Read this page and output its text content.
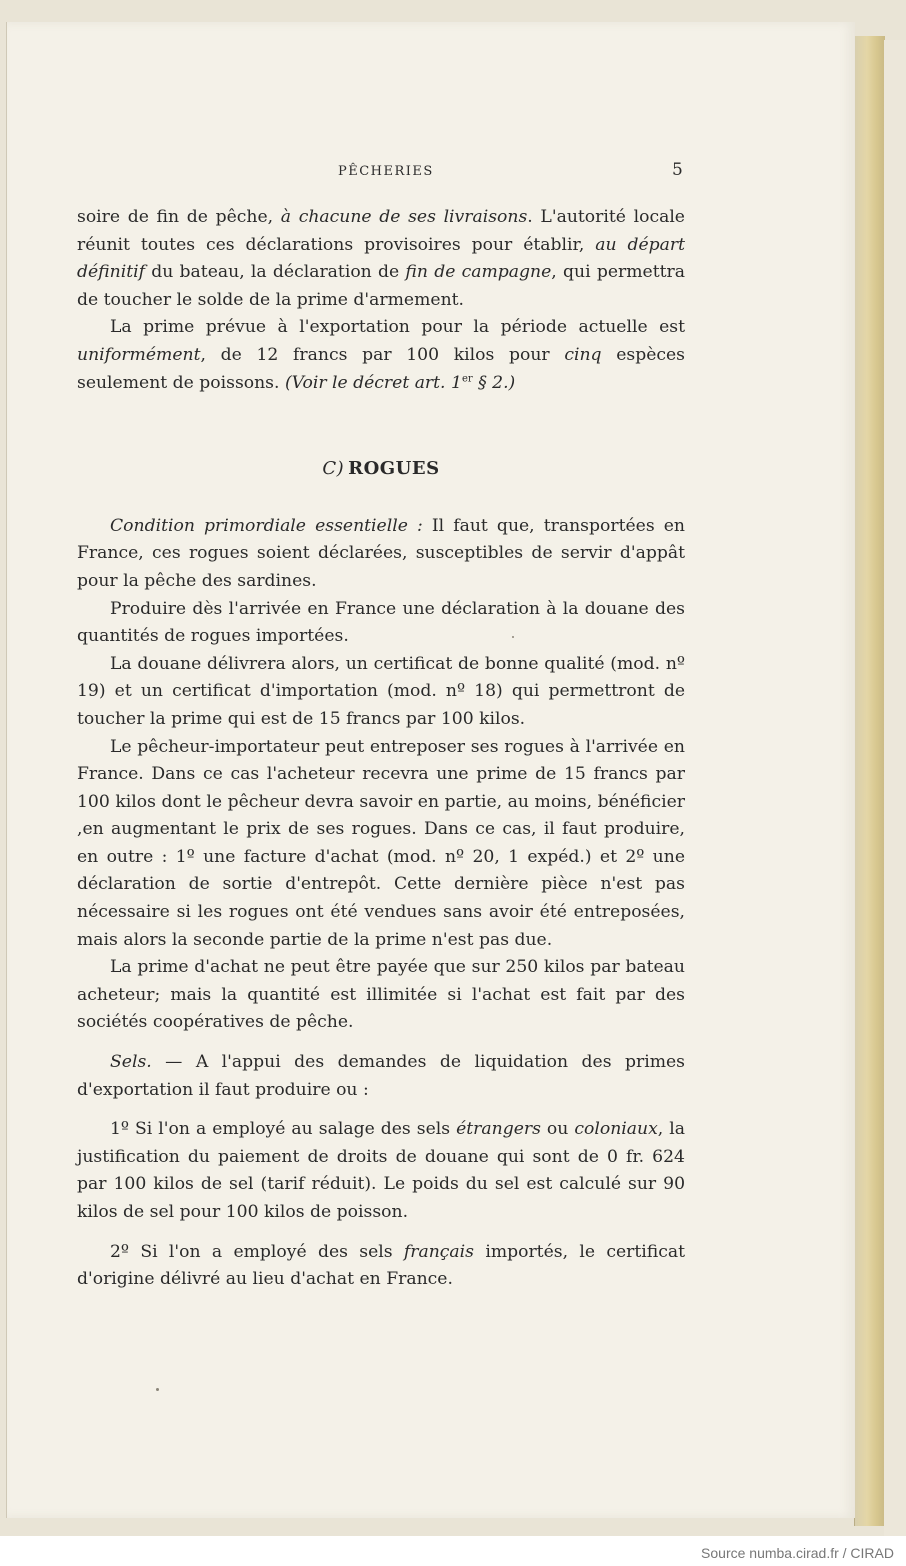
PÊCHERIES	5

soire de fin de pêche, à chacune de ses livraisons. L'autorité locale réunit toutes ces déclarations provisoires pour établir, au départ définitif du bateau, la déclaration de fin de campagne, qui permettra de toucher le solde de la prime d'armement.

La prime prévue à l'exportation pour la période actuelle est uniformément, de 12 francs par 100 kilos pour cinq espèces seulement de poissons. (Voir le décret art. 1er § 2.)

C) ROGUES

Condition primordiale essentielle : Il faut que, transportées en France, ces rogues soient déclarées, susceptibles de servir d'appât pour la pêche des sardines.

Produire dès l'arrivée en France une déclaration à la douane des quantités de rogues importées.

La douane délivrera alors, un certificat de bonne qualité (mod. nº 19) et un certificat d'importation (mod. nº 18) qui permettront de toucher la prime qui est de 15 francs par 100 kilos.

Le pêcheur-importateur peut entreposer ses rogues à l'arrivée en France. Dans ce cas l'acheteur recevra une prime de 15 francs par 100 kilos dont le pêcheur devra savoir en partie, au moins, bénéficier ,en augmentant le prix de ses rogues. Dans ce cas, il faut produire, en outre : 1º une facture d'achat (mod. nº 20, 1 expéd.) et 2º une déclaration de sortie d'entrepôt. Cette dernière pièce n'est pas nécessaire si les rogues ont été vendues sans avoir été entreposées, mais alors la seconde partie de la prime n'est pas due.

La prime d'achat ne peut être payée que sur 250 kilos par bateau acheteur; mais la quantité est illimitée si l'achat est fait par des sociétés coopératives de pêche.

Sels. — A l'appui des demandes de liquidation des primes d'exportation il faut produire ou :

1º Si l'on a employé au salage des sels étrangers ou coloniaux, la justification du paiement de droits de douane qui sont de 0 fr. 624 par 100 kilos de sel (tarif réduit). Le poids du sel est calculé sur 90 kilos de sel pour 100 kilos de poisson.

2º Si l'on a employé des sels français importés, le certificat d'origine délivré au lieu d'achat en France.

Source numba.cirad.fr / CIRAD
